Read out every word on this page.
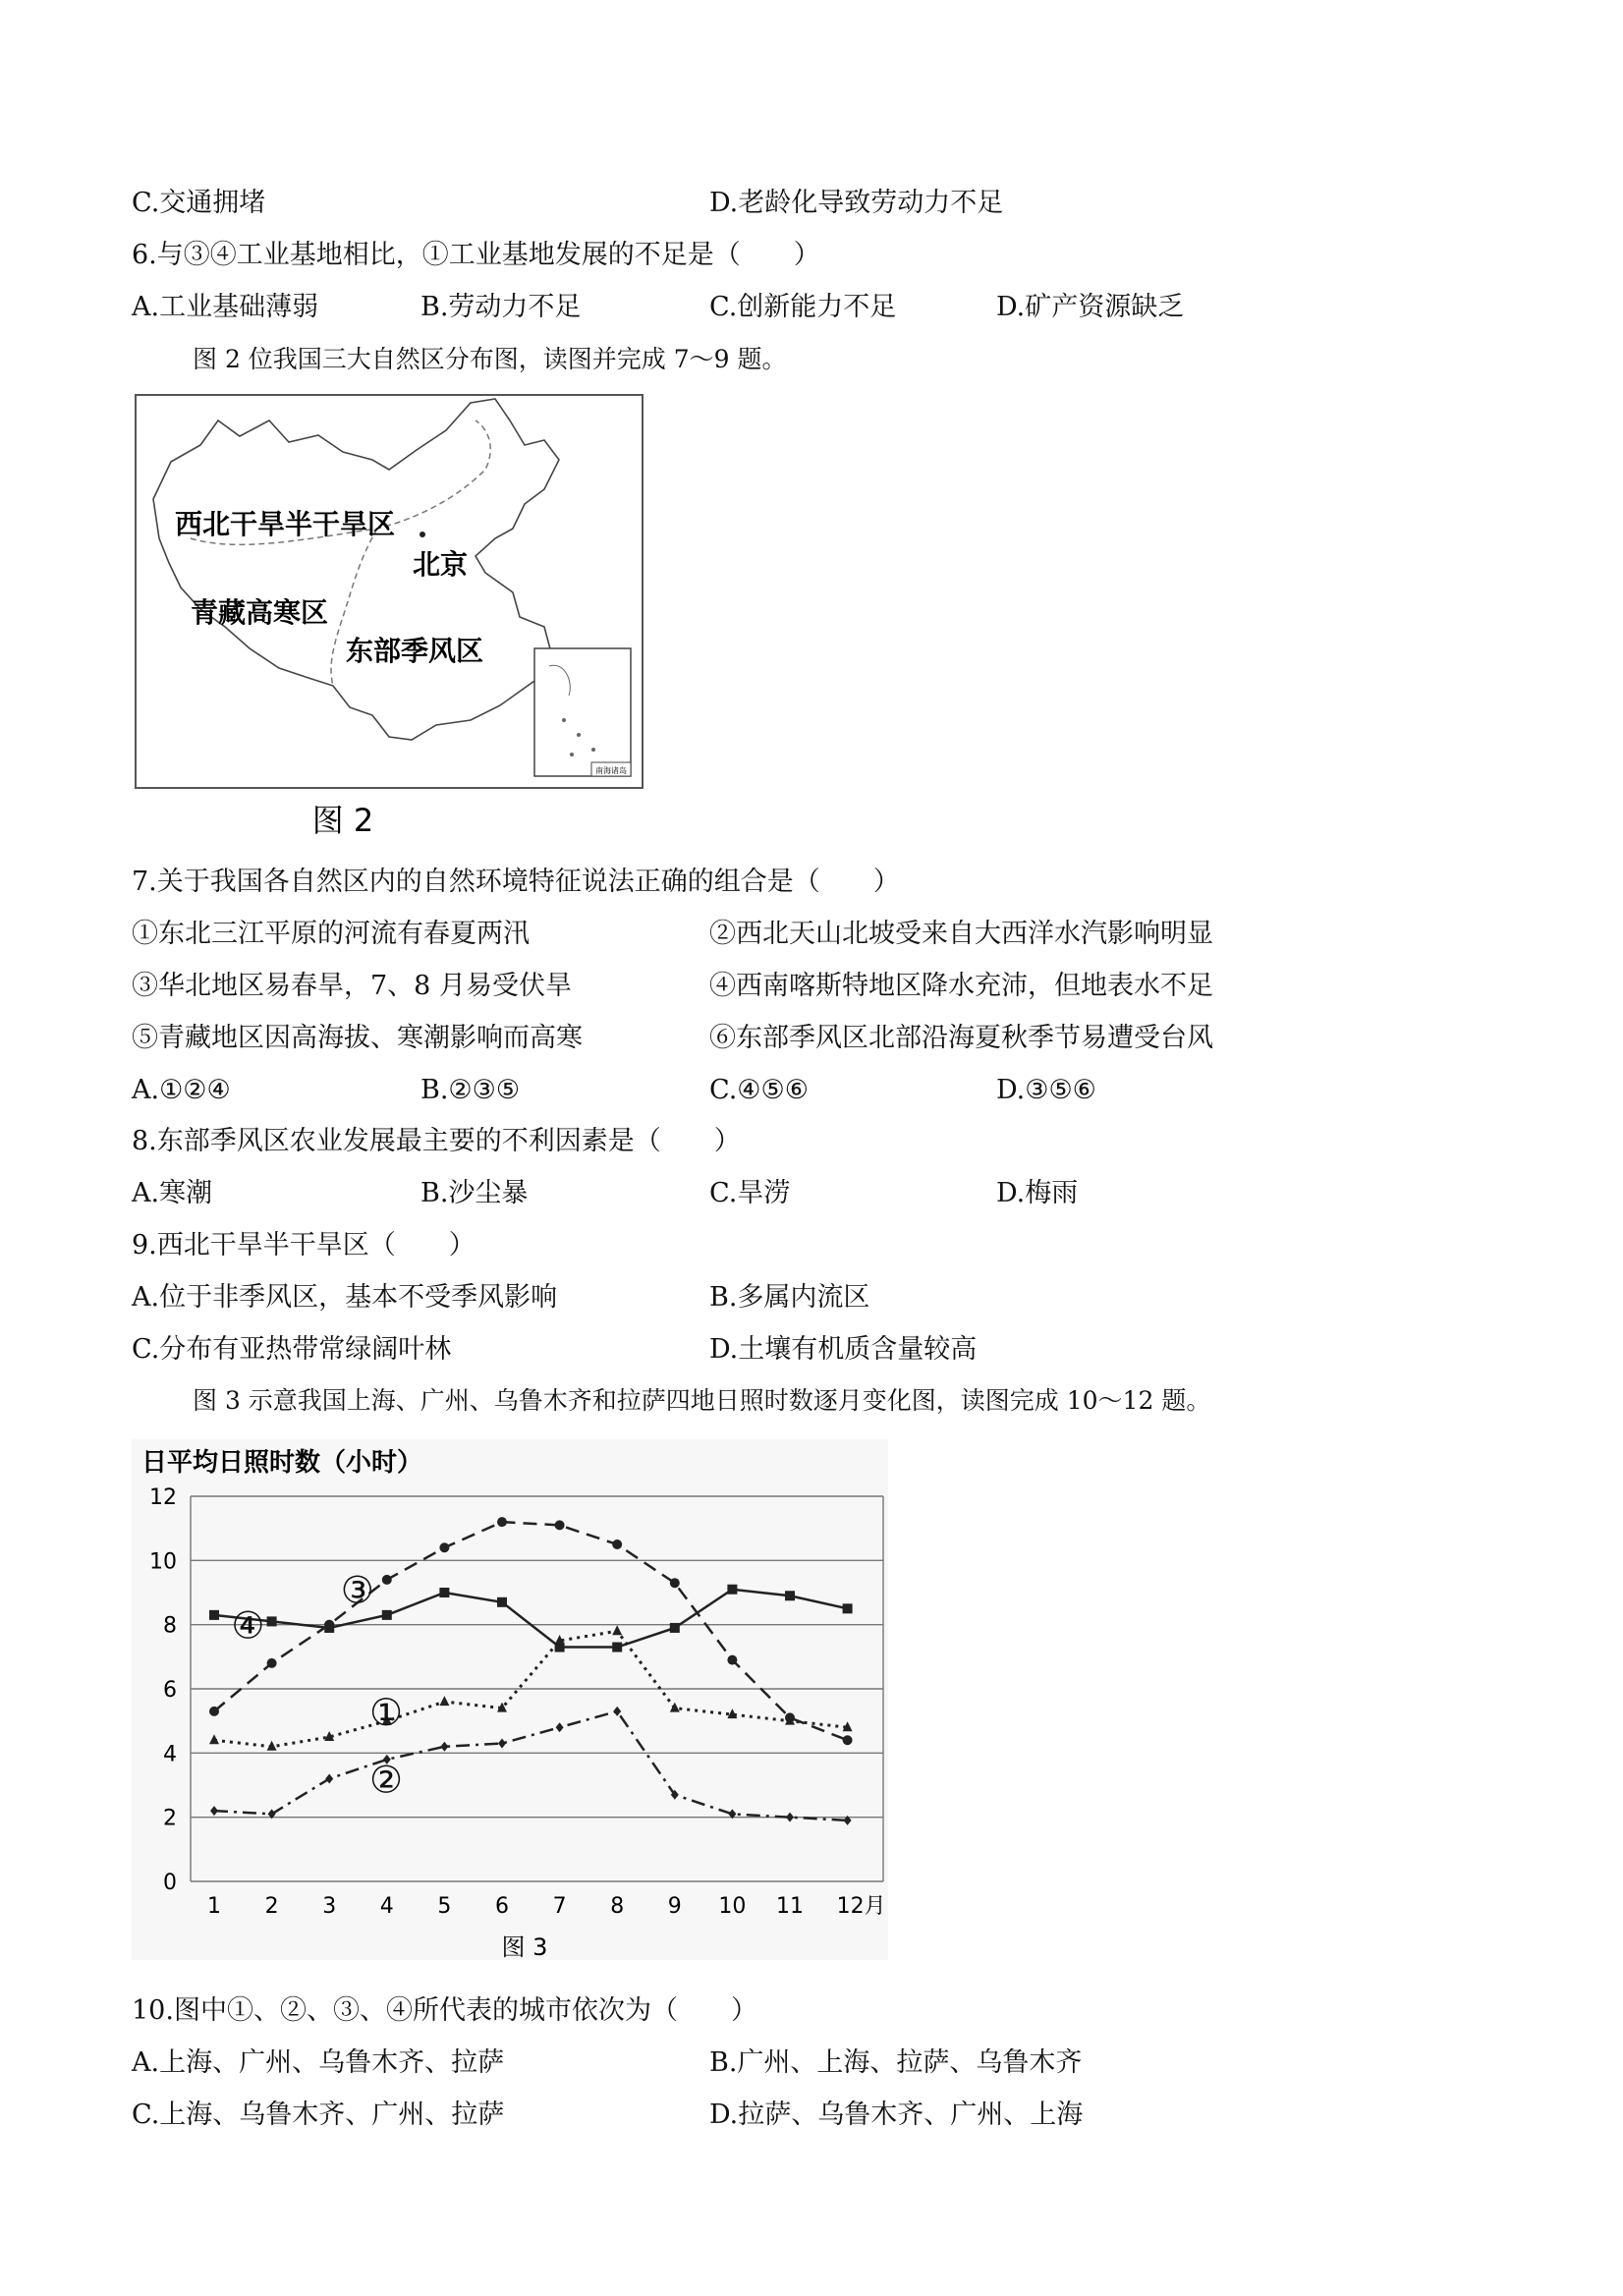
C.交通拥堵	D.老龄化导致劳动力不足
6.与③④工业基地相比，①工业基地发展的不足是（　　）
A.工业基础薄弱	B.劳动力不足	C.创新能力不足	D.矿产资源缺乏
图 2 位我国三大自然区分布图，读图并完成 7～9 题。
南海诸岛
西北干旱半干旱区
北京
青藏高寒区
东部季风区
图 2
7.关于我国各自然区内的自然环境特征说法正确的组合是（　　）
①东北三江平原的河流有春夏两汛	②西北天山北坡受来自大西洋水汽影响明显
③华北地区易春旱，7、8 月易受伏旱	④西南喀斯特地区降水充沛，但地表水不足
⑤青藏地区因高海拔、寒潮影响而高寒	⑥东部季风区北部沿海夏秋季节易遭受台风
A.①②④	B.②③⑤	C.④⑤⑥	D.③⑤⑥
8.东部季风区农业发展最主要的不利因素是（　　）
A.寒潮	B.沙尘暴	C.旱涝	D.梅雨
9.西北干旱半干旱区（　　）
A.位于非季风区，基本不受季风影响	B.多属内流区
C.分布有亚热带常绿阔叶林	D.土壤有机质含量较高
图 3 示意我国上海、广州、乌鲁木齐和拉萨四地日照时数逐月变化图，读图完成 10～12 题。
日平均日照时数（小时）
0
2
4
6
8
10
12
1 2 3 4 5 6 7 8 9 10 11 12月
①
②
③
④
图 3
10.图中①、②、③、④所代表的城市依次为（　　）
A.上海、广州、乌鲁木齐、拉萨	B.广州、上海、拉萨、乌鲁木齐
C.上海、乌鲁木齐、广州、拉萨	D.拉萨、乌鲁木齐、广州、上海
